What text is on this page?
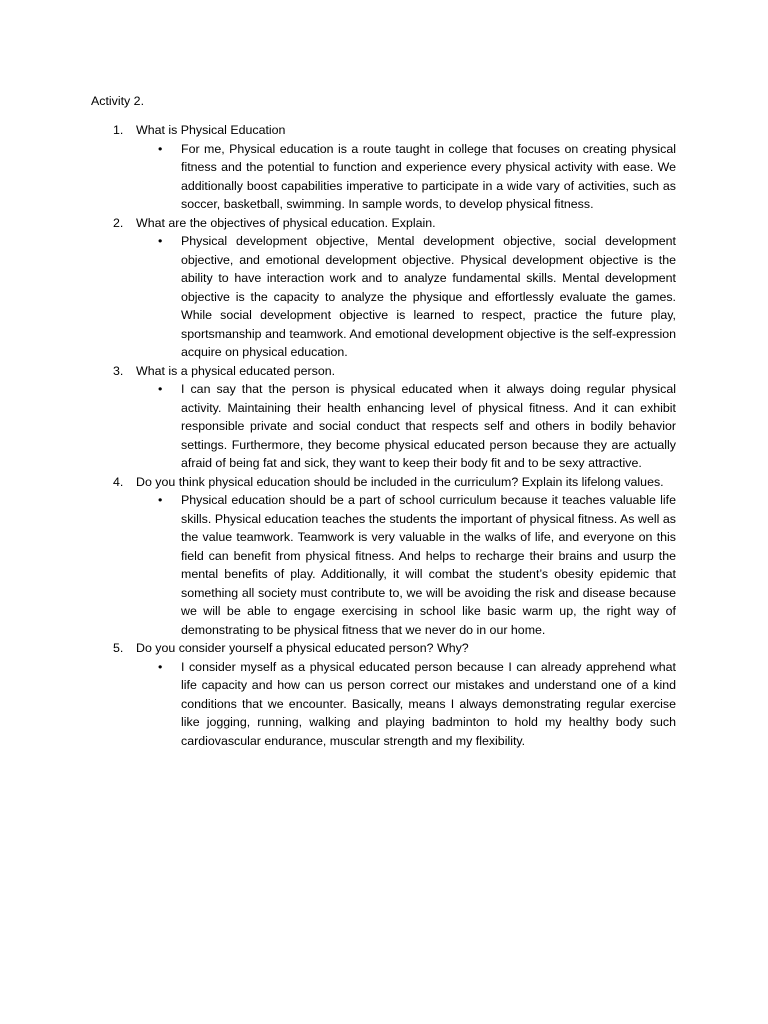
Activity 2.
1. What is Physical Education
• For me, Physical education is a route taught in college that focuses on creating physical fitness and the potential to function and experience every physical activity with ease. We additionally boost capabilities imperative to participate in a wide vary of activities, such as soccer, basketball, swimming. In sample words, to develop physical fitness.
2. What are the objectives of physical education. Explain.
• Physical development objective, Mental development objective, social development objective, and emotional development objective. Physical development objective is the ability to have interaction work and to analyze fundamental skills. Mental development objective is the capacity to analyze the physique and effortlessly evaluate the games. While social development objective is learned to respect, practice the future play, sportsmanship and teamwork. And emotional development objective is the self-expression acquire on physical education.
3. What is a physical educated person.
• I can say that the person is physical educated when it always doing regular physical activity. Maintaining their health enhancing level of physical fitness. And it can exhibit responsible private and social conduct that respects self and others in bodily behavior settings. Furthermore, they become physical educated person because they are actually afraid of being fat and sick, they want to keep their body fit and to be sexy attractive.
4. Do you think physical education should be included in the curriculum? Explain its lifelong values.
• Physical education should be a part of school curriculum because it teaches valuable life skills. Physical education teaches the students the important of physical fitness. As well as the value teamwork. Teamwork is very valuable in the walks of life, and everyone on this field can benefit from physical fitness. And helps to recharge their brains and usurp the mental benefits of play. Additionally, it will combat the student’s obesity epidemic that something all society must contribute to, we will be avoiding the risk and disease because we will be able to engage exercising in school like basic warm up, the right way of demonstrating to be physical fitness that we never do in our home.
5. Do you consider yourself a physical educated person? Why?
• I consider myself as a physical educated person because I can already apprehend what life capacity and how can us person correct our mistakes and understand one of a kind conditions that we encounter. Basically, means I always demonstrating regular exercise like jogging, running, walking and playing badminton to hold my healthy body such cardiovascular endurance, muscular strength and my flexibility.
